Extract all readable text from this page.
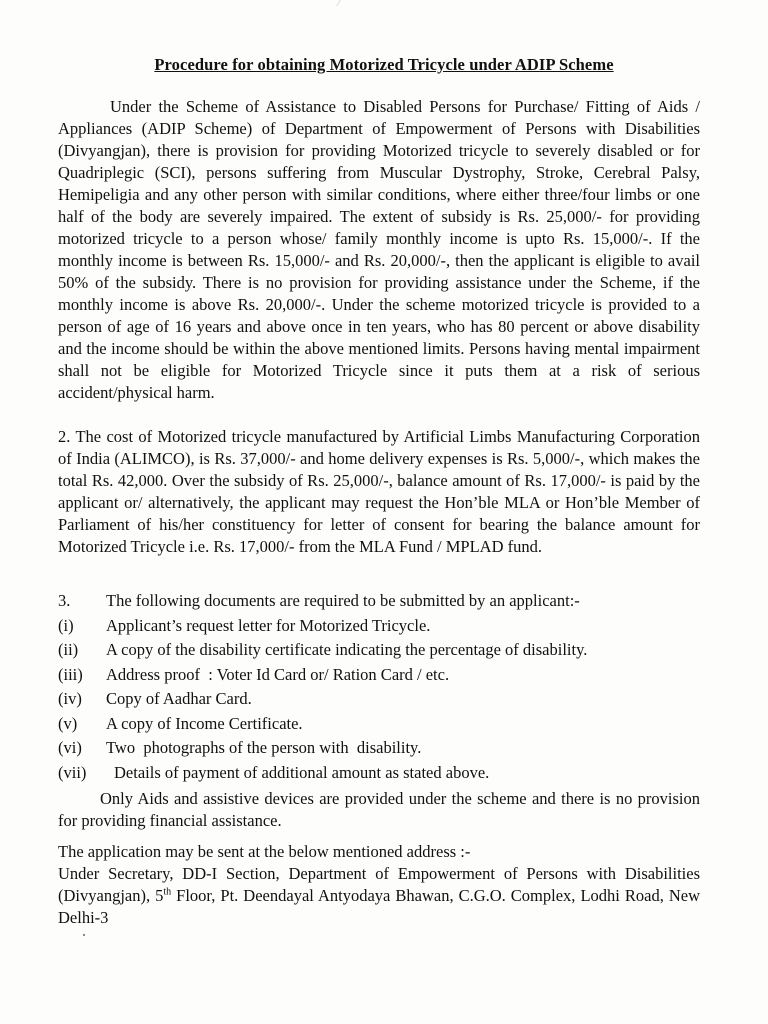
Procedure for obtaining Motorized Tricycle under ADIP Scheme

Under the Scheme of Assistance to Disabled Persons for Purchase/ Fitting of Aids / Appliances (ADIP Scheme) of Department of Empowerment of Persons with Disabilities (Divyangjan), there is provision for providing Motorized tricycle to severely disabled or for Quadriplegic (SCI), persons suffering from Muscular Dystrophy, Stroke, Cerebral Palsy, Hemipeligia and any other person with similar conditions, where either three/four limbs or one half of the body are severely impaired. The extent of subsidy is Rs. 25,000/- for providing motorized tricycle to a person whose/ family monthly income is upto Rs. 15,000/-. If the monthly income is between Rs. 15,000/- and Rs. 20,000/-, then the applicant is eligible to avail 50% of the subsidy. There is no provision for providing assistance under the Scheme, if the monthly income is above Rs. 20,000/-. Under the scheme motorized tricycle is provided to a person of age of 16 years and above once in ten years, who has 80 percent or above disability and the income should be within the above mentioned limits. Persons having mental impairment shall not be eligible for Motorized Tricycle since it puts them at a risk of serious accident/physical harm.

2. The cost of Motorized tricycle manufactured by Artificial Limbs Manufacturing Corporation of India (ALIMCO), is Rs. 37,000/- and home delivery expenses is Rs. 5,000/-, which makes the total Rs. 42,000. Over the subsidy of Rs. 25,000/-, balance amount of Rs. 17,000/- is paid by the applicant or/ alternatively, the applicant may request the Hon’ble MLA or Hon’ble Member of Parliament of his/her constituency for letter of consent for bearing the balance amount for Motorized Tricycle i.e. Rs. 17,000/- from the MLA Fund / MPLAD fund.

3. The following documents are required to be submitted by an applicant:-
(i) Applicant’s request letter for Motorized Tricycle.
(ii) A copy of the disability certificate indicating the percentage of disability.
(iii) Address proof  : Voter Id Card or/ Ration Card / etc.
(iv) Copy of Aadhar Card.
(v) A copy of Income Certificate.
(vi) Two  photographs of the person with  disability.
(vii) Details of payment of additional amount as stated above.

Only Aids and assistive devices are provided under the scheme and there is no provision for providing financial assistance.

The application may be sent at the below mentioned address :-

Under Secretary, DD-I Section, Department of Empowerment of Persons with Disabilities (Divyangjan), 5th Floor, Pt. Deendayal Antyodaya Bhawan, C.G.O. Complex, Lodhi Road, New Delhi-3
